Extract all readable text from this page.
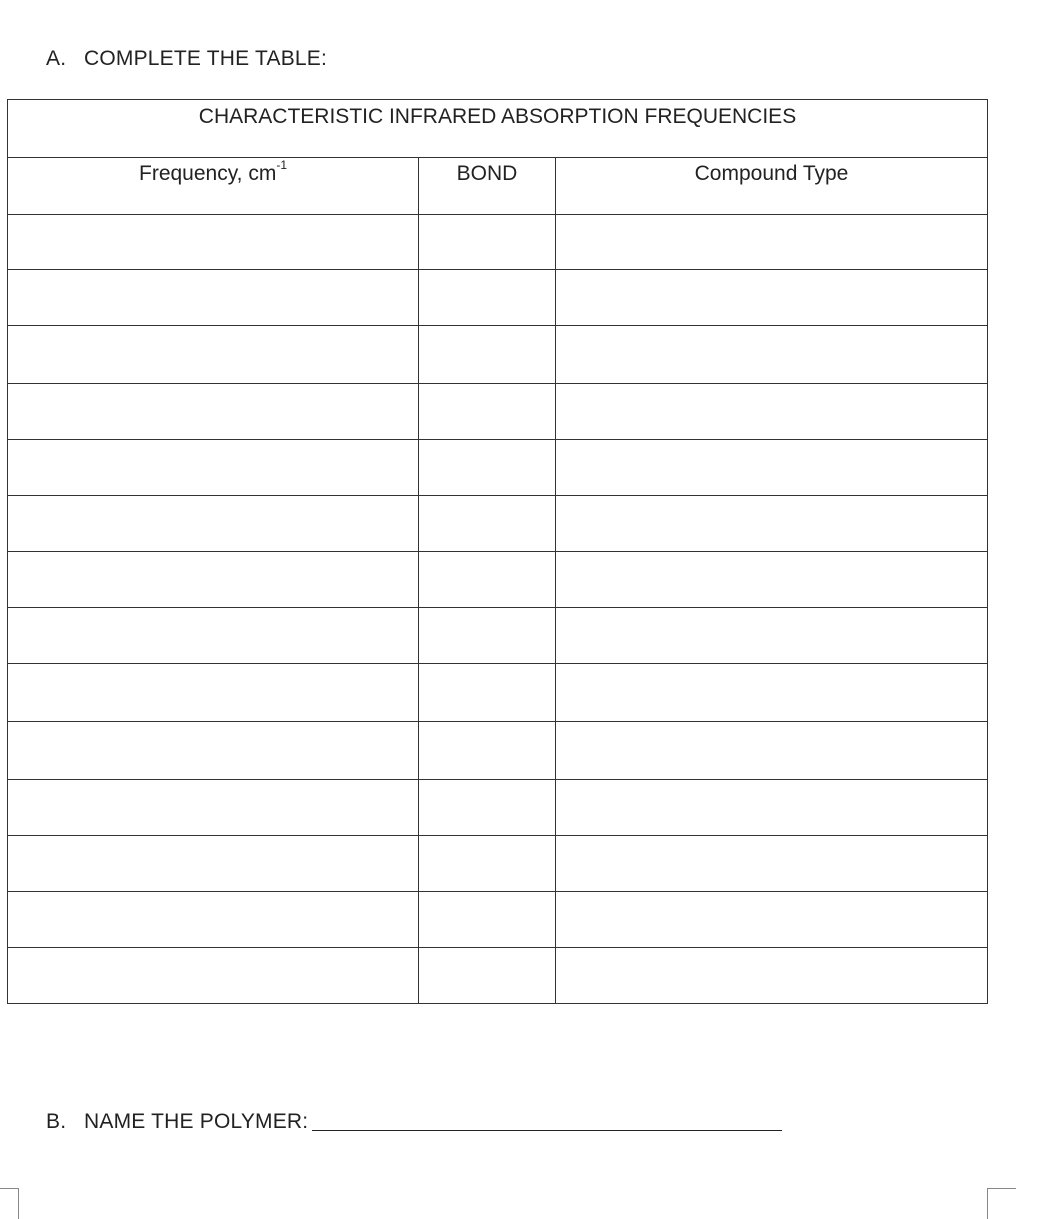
A. COMPLETE THE TABLE:
CHARACTERISTIC INFRARED ABSORPTION FREQUENCIES		
Frequency, $cm^{-1}$	BOND	Compound Type

B. NAME THE POLYMER:
